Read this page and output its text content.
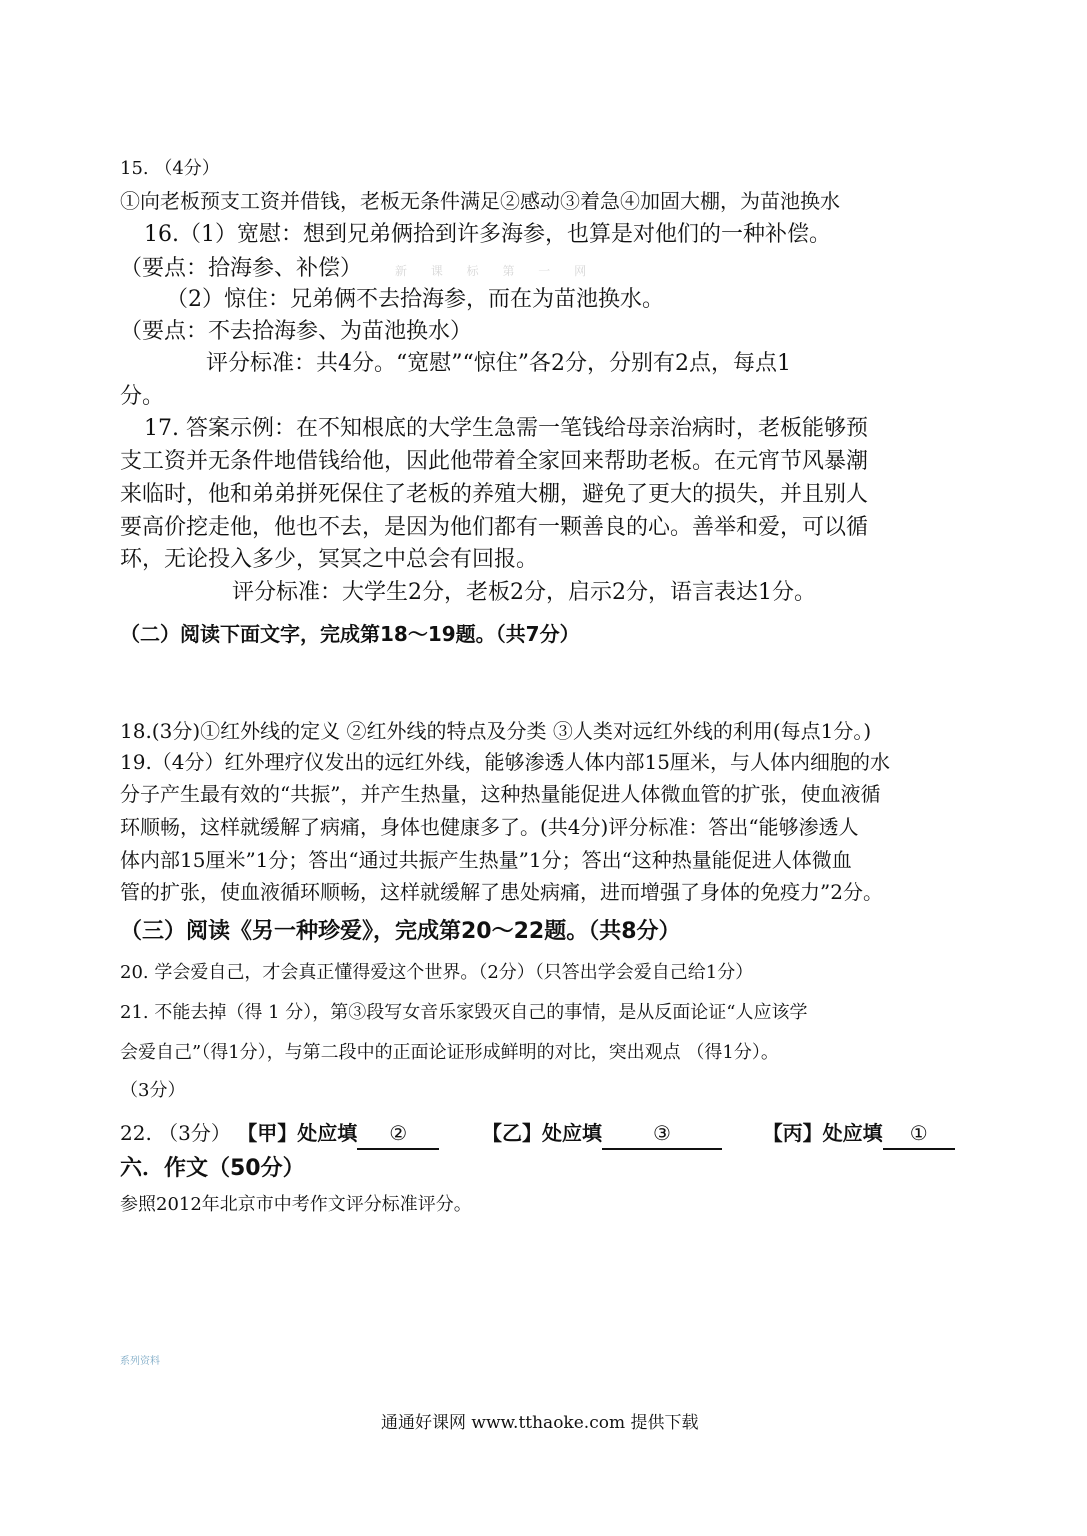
15. （4分）
①向老板预支工资并借钱，老板无条件满足②感动③着急④加固大棚，为苗池换水
16.（1）宽慰：想到兄弟俩拾到许多海参，也算是对他们的一种补偿。
（要点：拾海参、补偿）	新 课 标 第 一 网
（2）惊住：兄弟俩不去拾海参，而在为苗池换水。
（要点：不去拾海参、为苗池换水）
评分标准：共4分。“宽慰”“惊住”各2分，分别有2点，每点1
分。
17. 答案示例：在不知根底的大学生急需一笔钱给母亲治病时，老板能够预
支工资并无条件地借钱给他，因此他带着全家回来帮助老板。在元宵节风暴潮
来临时，他和弟弟拼死保住了老板的养殖大棚，避免了更大的损失，并且别人
要高价挖走他，他也不去，是因为他们都有一颗善良的心。善举和爱，可以循
环，无论投入多少，冥冥之中总会有回报。
评分标准：大学生2分，老板2分，启示2分，语言表达1分。
（二）阅读下面文字，完成第18～19题。（共7分）
18.(3分)①红外线的定义 ②红外线的特点及分类 ③人类对远红外线的利用(每点1分。)
19.（4分）红外理疗仪发出的远红外线，能够渗透人体内部15厘米，与人体内细胞的水
分子产生最有效的“共振”，并产生热量，这种热量能促进人体微血管的扩张，使血液循
环顺畅，这样就缓解了病痛，身体也健康多了。(共4分)评分标准：答出“能够渗透人
体内部15厘米”1分；答出“通过共振产生热量”1分；答出“这种热量能促进人体微血
管的扩张，使血液循环顺畅，这样就缓解了患处病痛，进而增强了身体的免疫力”2分。
（三）阅读《另一种珍爱》，完成第20～22题。（共8分）
20. 学会爱自己，才会真正懂得爱这个世界。（2分）（只答出学会爱自己给1分）
21. 不能去掉（得 1 分），第③段写女音乐家毁灭自己的事情，是从反面论证“人应该学
会爱自己”（得1分），与第二段中的正面论证形成鲜明的对比，突出观点 （得1分）。
（3分）
22. （3分） 【甲】处应填 ②	【乙】处应填	③	【丙】处应填 ①
六．作文（50分）
参照2012年北京市中考作文评分标准评分。
系列资料
通通好课网 www.tthaoke.com 提供下载
